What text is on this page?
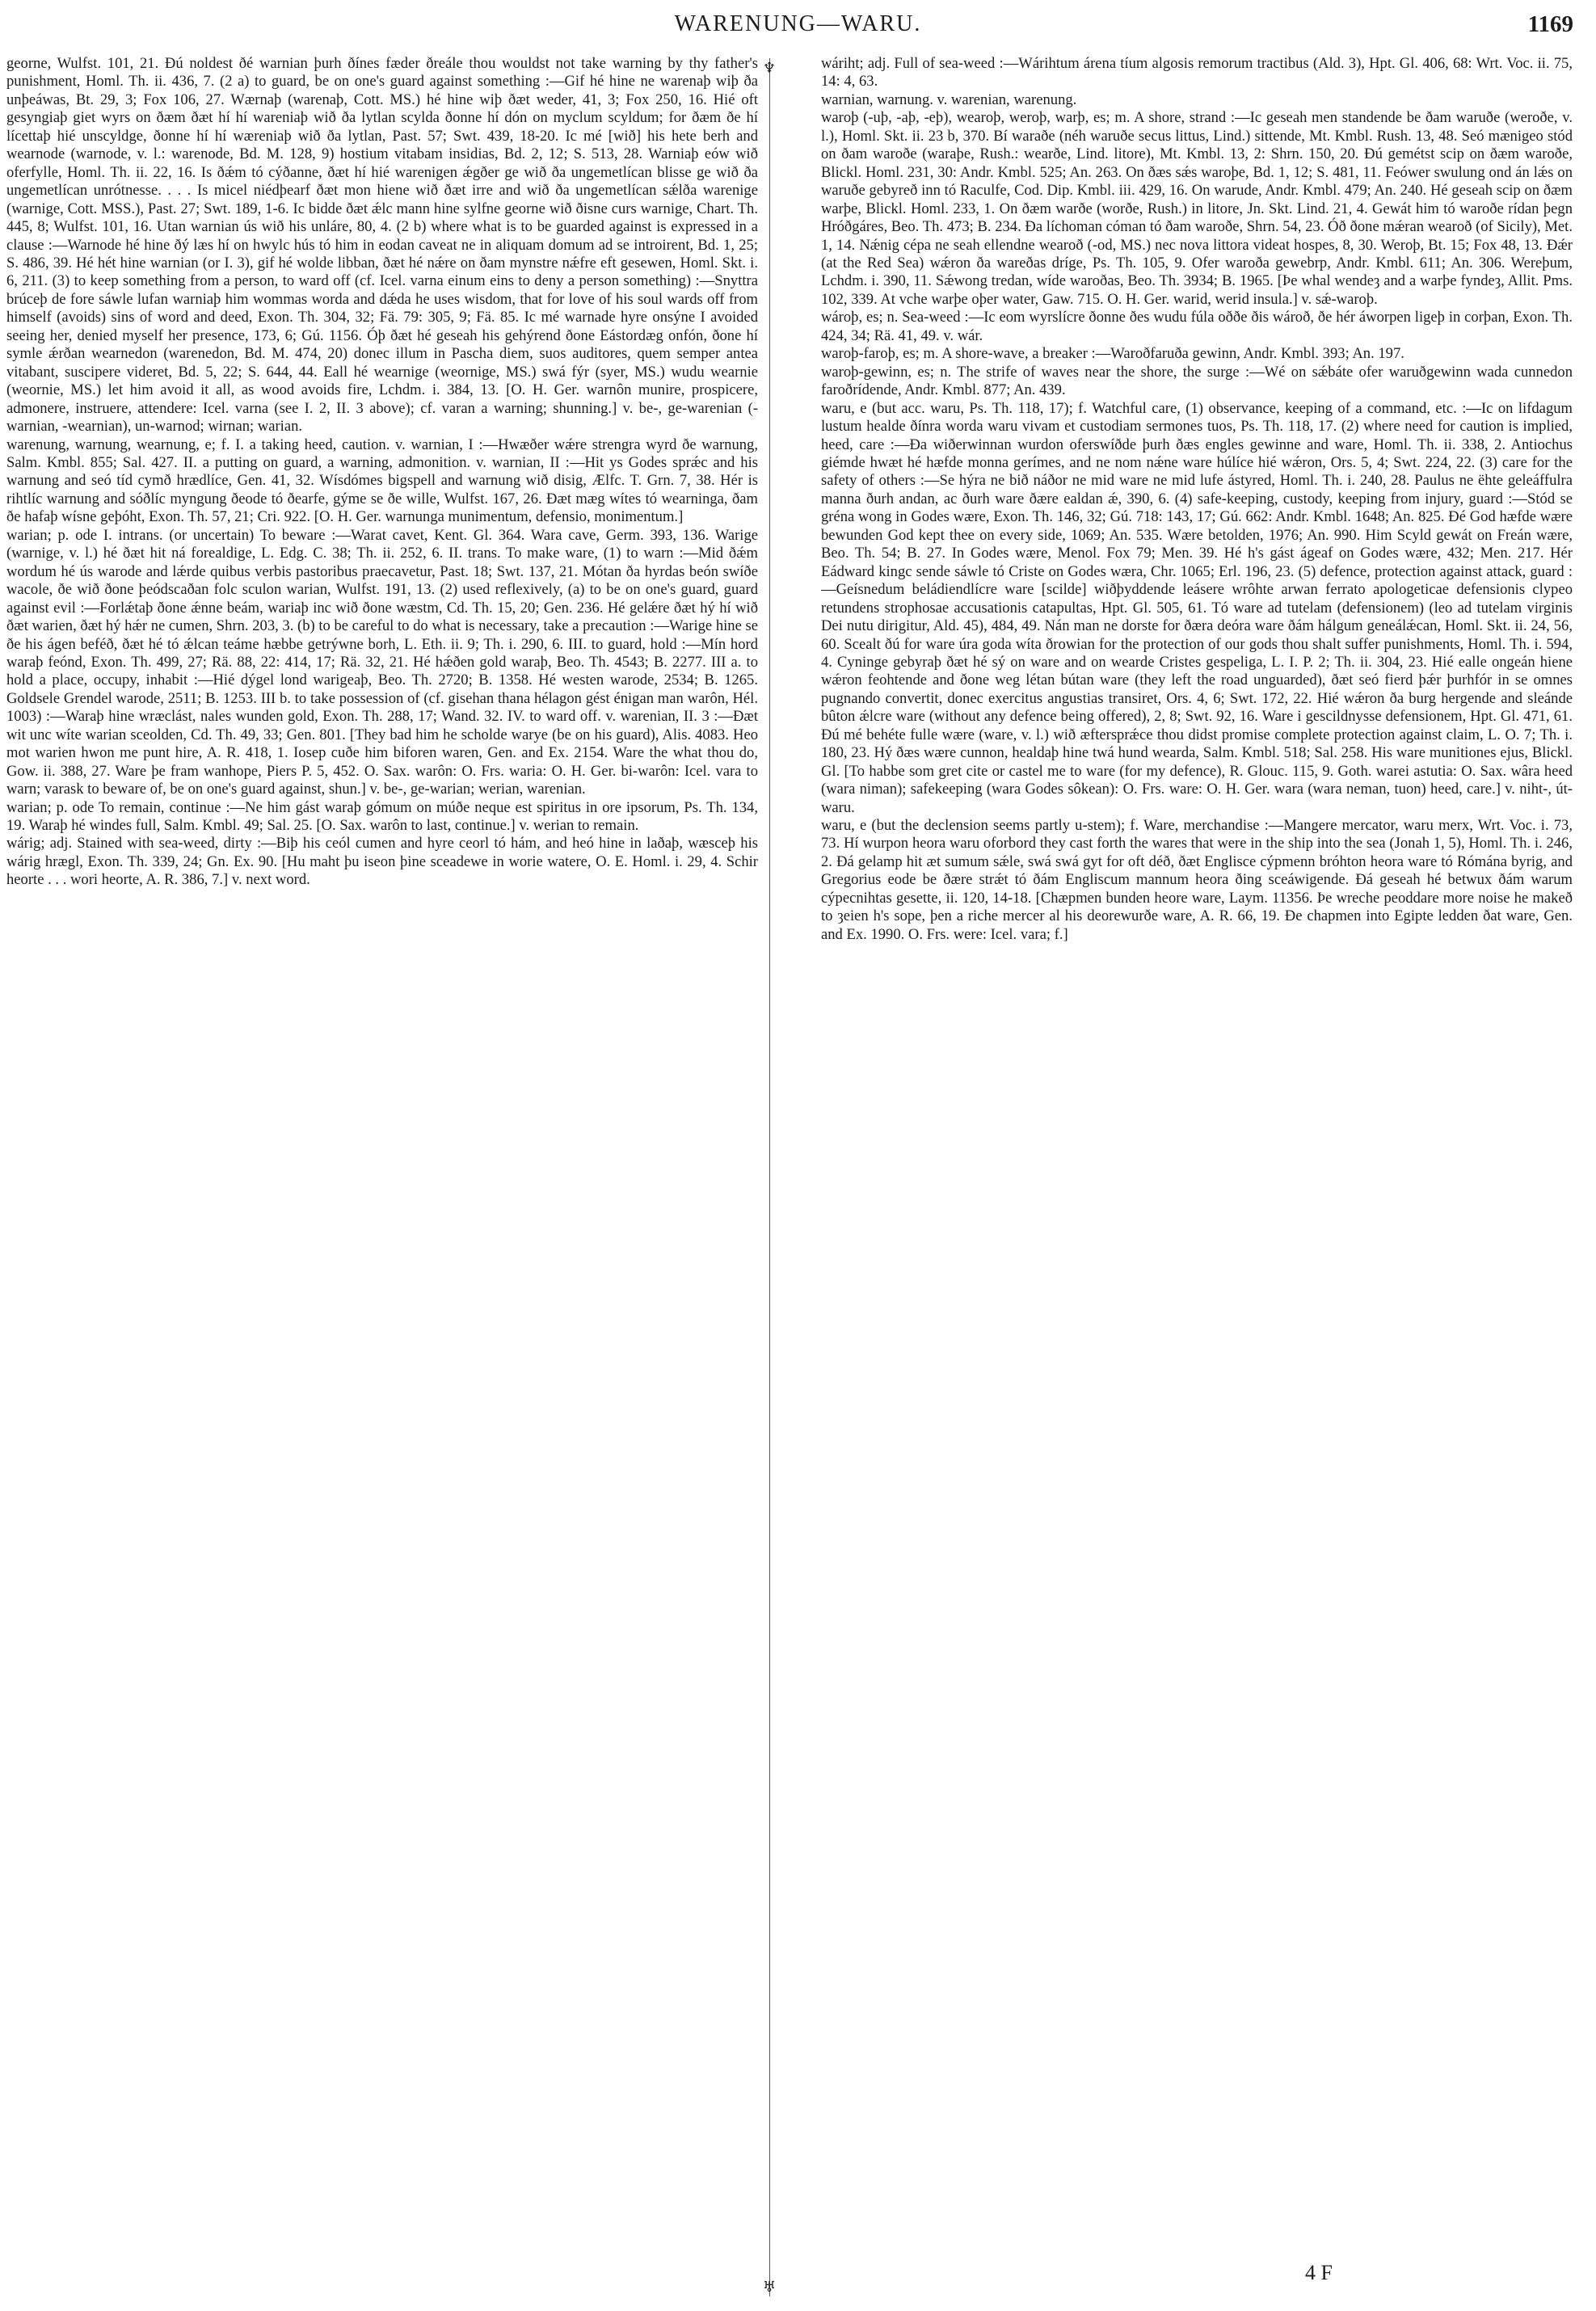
WARENUNG—WARU.	1169
♆
♅

georne, Wulfst. 101, 21. Ðú noldest ðé warnian þurh ðínes fæder ðreále thou wouldst not take warning by thy father's punishment, Homl. Th. ii. 436, 7. (2 a) to guard, be on one's guard against something :—Gif hé hine ne warenaþ wiþ ða unþeáwas, Bt. 29, 3; Fox 106, 27. Wærnaþ (warenaþ, Cott. MS.) hé hine wiþ ðæt weder, 41, 3; Fox 250, 16. Hié oft gesyngiaþ giet wyrs on ðæm ðæt hí hí wareniaþ wið ða lytlan scylda ðonne hí dón on myclum scyldum; for ðæm ðe hí lícettaþ hié unscyldge, ðonne hí hí wæreniaþ wið ða lytlan, Past. 57; Swt. 439, 18-20. Ic mé [wið] his hete berh and wearnode (warnode, v. l.: warenode, Bd. M. 128, 9) hostium vitabam insidias, Bd. 2, 12; S. 513, 28. Warniaþ eów wið oferfylle, Homl. Th. ii. 22, 16. Is ðǽm tó cýðanne, ðæt hí hié warenigen ǽgðer ge wið ða ungemetlícan blisse ge wið ða ungemetlícan unrótnesse. . . . Is micel niédþearf ðæt mon hiene wið ðæt irre and wið ða ungemetlícan sǽlða warenige (warnige, Cott. MSS.), Past. 27; Swt. 189, 1-6. Ic bidde ðæt ǽlc mann hine sylfne georne wið ðisne curs warnige, Chart. Th. 445, 8; Wulfst. 101, 16. Utan warnian ús wið his unláre, 80, 4. (2 b) where what is to be guarded against is expressed in a clause :—Warnode hé hine ðý læs hí on hwylc hús tó him in eodan caveat ne in aliquam domum ad se introirent, Bd. 1, 25; S. 486, 39. Hé hét hine warnian (or I. 3), gif hé wolde libban, ðæt hé nǽre on ðam mynstre nǽfre eft gesewen, Homl. Skt. i. 6, 211. (3) to keep something from a person, to ward off (cf. Icel. varna einum eins to deny a person something) :—Snyttra brúceþ de fore sáwle lufan warniaþ him wommas worda and dǽda he uses wisdom, that for love of his soul wards off from himself (avoids) sins of word and deed, Exon. Th. 304, 32; Fä. 79: 305, 9; Fä. 85. Ic mé warnade hyre onsýne I avoided seeing her, denied myself her presence, 173, 6; Gú. 1156. Óþ ðæt hé geseah his gehýrend ðone Eástordæg onfón, ðone hí symle ǽrðan wearnedon (warenedon, Bd. M. 474, 20) donec illum in Pascha diem, suos auditores, quem semper antea vitabant, suscipere videret, Bd. 5, 22; S. 644, 44. Eall hé wearnige (weornige, MS.) swá fýr (syer, MS.) wudu wearnie (weornie, MS.) let him avoid it all, as wood avoids fire, Lchdm. i. 384, 13. [O. H. Ger. warnôn munire, prospicere, admonere, instruere, attendere: Icel. varna (see I. 2, II. 3 above); cf. varan a warning; shunning.] v. be-, ge-warenian (-warnian, -wearnian), un-warnod; wirnan; warian.

warenung, warnung, wearnung, e; f. I. a taking heed, caution. v. warnian, I :—Hwæðer wǽre strengra wyrd ðe warnung, Salm. Kmbl. 855; Sal. 427. II. a putting on guard, a warning, admonition. v. warnian, II :—Hit ys Godes sprǽc and his warnung and seó tíd cymð hrædlíce, Gen. 41, 32. Wísdómes bigspell and warnung wið disig, Ælfc. T. Grn. 7, 38. Hér is rihtlíc warnung and sóðlíc myngung ðeode tó ðearfe, gýme se ðe wille, Wulfst. 167, 26. Ðæt mæg wítes tó wearninga, ðam ðe hafaþ wísne geþóht, Exon. Th. 57, 21; Cri. 922. [O. H. Ger. warnunga munimentum, defensio, monimentum.]

warian; p. ode I. intrans. (or uncertain) To beware :—Warat cavet, Kent. Gl. 364. Wara cave, Germ. 393, 136. Warige (warnige, v. l.) hé ðæt hit ná forealdige, L. Edg. C. 38; Th. ii. 252, 6. II. trans. To make ware, (1) to warn :—Mid ðǽm wordum hé ús warode and lǽrde quibus verbis pastoribus praecavetur, Past. 18; Swt. 137, 21. Mótan ða hyrdas beón swíðe wacole, ðe wið ðone þeódscaðan folc sculon warian, Wulfst. 191, 13. (2) used reflexively, (a) to be on one's guard, guard against evil :—Forlǽtaþ ðone ǽnne beám, wariaþ inc wið ðone wæstm, Cd. Th. 15, 20; Gen. 236. Hé gelǽre ðæt hý hí wið ðæt warien, ðæt hý hǽr ne cumen, Shrn. 203, 3. (b) to be careful to do what is necessary, take a precaution :—Warige hine se ðe his ágen beféð, ðæt hé tó ǽlcan teáme hæbbe getrýwne borh, L. Eth. ii. 9; Th. i. 290, 6. III. to guard, hold :—Mín hord waraþ feónd, Exon. Th. 499, 27; Rä. 88, 22: 414, 17; Rä. 32, 21. Hé hǽðen gold waraþ, Beo. Th. 4543; B. 2277. III a. to hold a place, occupy, inhabit :—Hié dýgel lond warigeaþ, Beo. Th. 2720; B. 1358. Hé westen warode, 2534; B. 1265. Goldsele Grendel warode, 2511; B. 1253. III b. to take possession of (cf. gisehan thana hélagon gést énigan man warôn, Hél. 1003) :—Waraþ hine wræclást, nales wunden gold, Exon. Th. 288, 17; Wand. 32. IV. to ward off. v. warenian, II. 3 :—Ðæt wit unc wíte warian sceolden, Cd. Th. 49, 33; Gen. 801. [They bad him he scholde warye (be on his guard), Alis. 4083. Heo mot warien hwon me punt hire, A. R. 418, 1. Iosep cuðe him biforen waren, Gen. and Ex. 2154. Ware the what thou do, Gow. ii. 388, 27. Ware þe fram wanhope, Piers P. 5, 452. O. Sax. warôn: O. Frs. waria: O. H. Ger. bi-warôn: Icel. vara to warn; varask to beware of, be on one's guard against, shun.] v. be-, ge-warian; werian, warenian.

warian; p. ode To remain, continue :—Ne him gást waraþ gómum on múðe neque est spiritus in ore ipsorum, Ps. Th. 134, 19. Waraþ hé windes full, Salm. Kmbl. 49; Sal. 25. [O. Sax. warôn to last, continue.] v. werian to remain.

wárig; adj. Stained with sea-weed, dirty :—Biþ his ceól cumen and hyre ceorl tó hám, and heó hine in laðaþ, wæsceþ his wárig hrægl, Exon. Th. 339, 24; Gn. Ex. 90. [Hu maht þu iseon þine sceadewe in worie watere, O. E. Homl. i. 29, 4. Schir heorte . . . wori heorte, A. R. 386, 7.] v. next word.

wáriht; adj. Full of sea-weed :—Wárihtum árena tíum algosis remorum tractibus (Ald. 3), Hpt. Gl. 406, 68: Wrt. Voc. ii. 75, 14: 4, 63.

warnian, warnung. v. warenian, warenung.

waroþ (-uþ, -aþ, -eþ), wearoþ, weroþ, warþ, es; m. A shore, strand :—Ic geseah men standende be ðam waruðe (weroðe, v. l.), Homl. Skt. ii. 23 b, 370. Bí waraðe (néh waruðe secus littus, Lind.) sittende, Mt. Kmbl. Rush. 13, 48. Seó mænigeo stód on ðam waroðe (waraþe, Rush.: wearðe, Lind. litore), Mt. Kmbl. 13, 2: Shrn. 150, 20. Ðú gemétst scip on ðæm waroðe, Blickl. Homl. 231, 30: Andr. Kmbl. 525; An. 263. On ðæs sǽs waroþe, Bd. 1, 12; S. 481, 11. Feówer swulung ond án lǽs on waruðe gebyreð inn tó Raculfe, Cod. Dip. Kmbl. iii. 429, 16. On warude, Andr. Kmbl. 479; An. 240. Hé geseah scip on ðæm warþe, Blickl. Homl. 233, 1. On ðæm warðe (worðe, Rush.) in litore, Jn. Skt. Lind. 21, 4. Gewát him tó waroðe rídan þegn Hróðgáres, Beo. Th. 473; B. 234. Ða líchoman cóman tó ðam waroðe, Shrn. 54, 23. Óð ðone mǽran wearoð (of Sicily), Met. 1, 14. Nǽnig cépa ne seah ellendne wearoð (-od, MS.) nec nova littora videat hospes, 8, 30. Weroþ, Bt. 15; Fox 48, 13. Ðǽr (at the Red Sea) wǽron ða wareðas dríge, Ps. Th. 105, 9. Ofer waroða gewebrp, Andr. Kmbl. 611; An. 306. Wereþum, Lchdm. i. 390, 11. Sǽwong tredan, wíde waroðas, Beo. Th. 3934; B. 1965. [Þe whal wendeȝ and a warþe fyndeȝ, Allit. Pms. 102, 339. At vche warþe oþer water, Gaw. 715. O. H. Ger. warid, werid insula.] v. sǽ-waroþ.

wároþ, es; n. Sea-weed :—Ic eom wyrslícre ðonne ðes wudu fúla oððe ðis wároð, ðe hér áworpen ligeþ in corþan, Exon. Th. 424, 34; Rä. 41, 49. v. wár.

waroþ-faroþ, es; m. A shore-wave, a breaker :—Waroðfaruða gewinn, Andr. Kmbl. 393; An. 197.

waroþ-gewinn, es; n. The strife of waves near the shore, the surge :—Wé on sǽbáte ofer waruðgewinn wada cunnedon faroðrídende, Andr. Kmbl. 877; An. 439.

waru, e (but acc. waru, Ps. Th. 118, 17); f. Watchful care, (1) observance, keeping of a command, etc. :—Ic on lifdagum lustum healde ðínra worda waru vivam et custodiam sermones tuos, Ps. Th. 118, 17. (2) where need for caution is implied, heed, care :—Ða wiðerwinnan wurdon oferswíðde þurh ðæs engles gewinne and ware, Homl. Th. ii. 338, 2. Antiochus giémde hwæt hé hæfde monna gerímes, and ne nom nǽne ware húlíce hié wǽron, Ors. 5, 4; Swt. 224, 22. (3) care for the safety of others :—Se hýra ne bið náðor ne mid ware ne mid lufe ástyred, Homl. Th. i. 240, 28. Paulus ne ëhte geleáffulra manna ðurh andan, ac ðurh ware ðære ealdan ǽ, 390, 6. (4) safe-keeping, custody, keeping from injury, guard :—Stód se gréna wong in Godes wære, Exon. Th. 146, 32; Gú. 718: 143, 17; Gú. 662: Andr. Kmbl. 1648; An. 825. Ðé God hæfde wære bewunden God kept thee on every side, 1069; An. 535. Wære betolden, 1976; An. 990. Him Scyld gewát on Freán wære, Beo. Th. 54; B. 27. In Godes wære, Menol. Fox 79; Men. 39. Hé h's gást ágeaf on Godes wære, 432; Men. 217. Hér Eádward kingc sende sáwle tó Criste on Godes wæra, Chr. 1065; Erl. 196, 23. (5) defence, protection against attack, guard :—Geísnedum beládiendlícre ware [scilde] wiðþyddende leásere wrôhte arwan ferrato apologeticae defensionis clypeo retundens strophosae accusationis catapultas, Hpt. Gl. 505, 61. Tó ware ad tutelam (defensionem) (leo ad tutelam virginis Dei nutu dirigitur, Ald. 45), 484, 49. Nán man ne dorste for ðæra deóra ware ðám hálgum geneálǽcan, Homl. Skt. ii. 24, 56, 60. Scealt ðú for ware úra goda wíta ðrowian for the protection of our gods thou shalt suffer punishments, Homl. Th. i. 594, 4. Cyninge gebyraþ ðæt hé sý on ware and on wearde Cristes gespeliga, L. I. P. 2; Th. ii. 304, 23. Hié ealle ongeán hiene wǽron feohtende and ðone weg létan bútan ware (they left the road unguarded), ðæt seó fierd þǽr þurhfór in se omnes pugnando convertit, donec exercitus angustias transiret, Ors. 4, 6; Swt. 172, 22. Hié wǽron ða burg hergende and sleánde bûton ǽlcre ware (without any defence being offered), 2, 8; Swt. 92, 16. Ware i gescildnysse defensionem, Hpt. Gl. 471, 61. Ðú mé behéte fulle wære (ware, v. l.) wið æftersprǽce thou didst promise complete protection against claim, L. O. 7; Th. i. 180, 23. Hý ðæs wære cunnon, healdaþ hine twá hund wearda, Salm. Kmbl. 518; Sal. 258. His ware munitiones ejus, Blickl. Gl. [To habbe som gret cite or castel me to ware (for my defence), R. Glouc. 115, 9. Goth. warei astutia: O. Sax. wâra heed (wara niman); safekeeping (wara Godes sôkean): O. Frs. ware: O. H. Ger. wara (wara neman, tuon) heed, care.] v. niht-, út-waru.

waru, e (but the declension seems partly u-stem); f. Ware, merchandise :—Mangere mercator, waru merx, Wrt. Voc. i. 73, 73. Hí wurpon heora waru oforbord they cast forth the wares that were in the ship into the sea (Jonah 1, 5), Homl. Th. i. 246, 2. Ðá gelamp hit æt sumum sǽle, swá swá gyt for oft déð, ðæt Englisce cýpmenn bróhton heora ware tó Rómána byrig, and Gregorius eode be ðære strǽt tó ðám Engliscum mannum heora ðing sceáwigende. Ðá geseah hé betwux ðám warum cýpecnihtas gesette, ii. 120, 14-18. [Chæpmen bunden heore ware, Laym. 11356. Þe wreche peoddare more noise he makeð to ȝeien h's sope, þen a riche mercer al his deorewurðe ware, A. R. 66, 19. Ðe chapmen into Egipte ledden ðat ware, Gen. and Ex. 1990. O. Frs. were: Icel. vara; f.]

4 F
